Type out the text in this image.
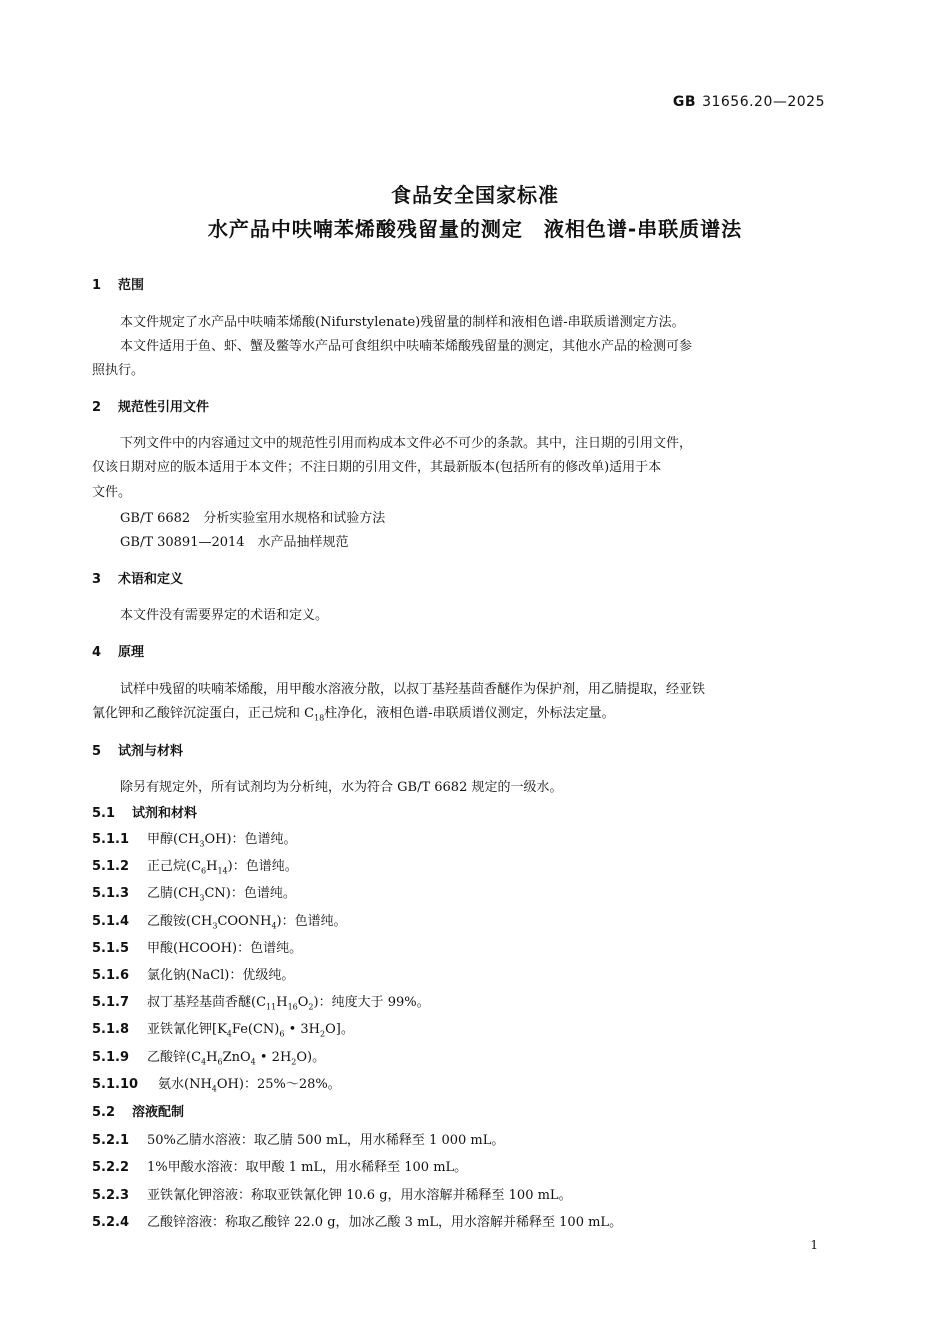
GB 31656.20—2025
食品安全国家标准
水产品中呋喃苯烯酸残留量的测定　液相色谱-串联质谱法
1 范围
本文件规定了水产品中呋喃苯烯酸(Nifurstylenate)残留量的制样和液相色谱-串联质谱测定方法。
本文件适用于鱼、虾、蟹及鳖等水产品可食组织中呋喃苯烯酸残留量的测定，其他水产品的检测可参
照执行。
2 规范性引用文件
下列文件中的内容通过文中的规范性引用而构成本文件必不可少的条款。其中，注日期的引用文件，
仅该日期对应的版本适用于本文件；不注日期的引用文件，其最新版本(包括所有的修改单)适用于本
文件。
GB/T 6682　分析实验室用水规格和试验方法
GB/T 30891—2014　水产品抽样规范
3 术语和定义
本文件没有需要界定的术语和定义。
4 原理
试样中残留的呋喃苯烯酸，用甲酸水溶液分散，以叔丁基羟基茴香醚作为保护剂，用乙腈提取，经亚铁
氰化钾和乙酸锌沉淀蛋白，正己烷和 $C_{18}$柱净化，液相色谱-串联质谱仪测定，外标法定量。
5 试剂与材料
除另有规定外，所有试剂均为分析纯，水为符合 GB/T 6682 规定的一级水。
5.1 试剂和材料
5.1.1 甲醇$(CH_3OH)$：色谱纯。
5.1.2 正己烷$(C_6H_{14})$：色谱纯。
5.1.3 乙腈$(CH_3CN)$：色谱纯。
5.1.4 乙酸铵$(CH_3COONH_4)$：色谱纯。
5.1.5 甲酸(HCOOH)：色谱纯。
5.1.6 氯化钠(NaCl)：优级纯。
5.1.7 叔丁基羟基茴香醚$(C_{11}H_{16}O_2)$：纯度大于 99%。
5.1.8 亚铁氰化钾[$K_4Fe(CN)_6$ • $3H_2O$]。
5.1.9 乙酸锌($C_4H_6ZnO_4$ • $2H_2O$)。
5.1.10 氨水$(NH_4OH)$：25%～28%。
5.2 溶液配制
5.2.1 50%乙腈水溶液：取乙腈 500 mL，用水稀释至 1 000 mL。
5.2.2 1%甲酸水溶液：取甲酸 1 mL，用水稀释至 100 mL。
5.2.3 亚铁氰化钾溶液：称取亚铁氰化钾 10.6 g，用水溶解并稀释至 100 mL。
5.2.4 乙酸锌溶液：称取乙酸锌 22.0 g，加冰乙酸 3 mL，用水溶解并稀释至 100 mL。
1
